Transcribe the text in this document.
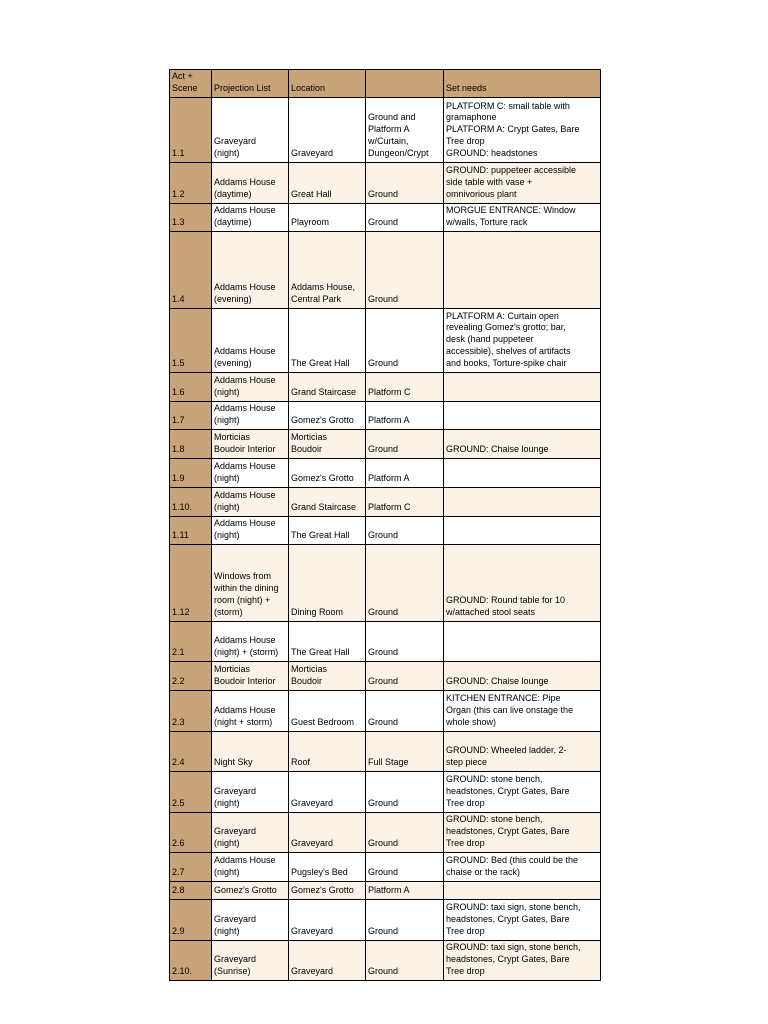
Act +
Scene	Projection List	Location		Set needs
1.1	Graveyard
(night)	Graveyard	Ground and
Platform A
w/Curtain,
Dungeon/Crypt	PLATFORM C: small table with
gramaphone
PLATFORM A: Crypt Gates, Bare
Tree drop
GROUND: headstones
1.2	Addams House
(daytime)	Great Hall	Ground	GROUND: puppeteer accessible
side table with vase +
omnivorious plant
1.3	Addams House
(daytime)	Playroom	Ground	MORGUE ENTRANCE: Window
w/walls, Torture rack
1.4	Addams House
(evening)	Addams House,
Central Park	Ground	
1.5	Addams House
(evening)	The Great Hall	Ground	PLATFORM A: Curtain open
revealing Gomez's grotto; bar,
desk (hand puppeteer
accessible), shelves of artifacts
and books, Torture-spike chair
1.6	Addams House
(night)	Grand Staircase	Platform C	
1.7	Addams House
(night)	Gomez's Grotto	Platform A	
1.8	Morticias
Boudoir Interior	Morticias
Boudoir	Ground	GROUND: Chaise lounge
1.9	Addams House
(night)	Gomez's Grotto	Platform A	
1.10.	Addams House
(night)	Grand Staircase	Platform C	
1.11	Addams House
(night)	The Great Hall	Ground	
1.12	Windows from
within the dining
room (night) +
(storm)	Dining Room	Ground	GROUND: Round table for 10
w/attached stool seats
2.1	Addams House
(night) + (storm)	The Great Hall	Ground	
2.2	Morticias
Boudoir Interior	Morticias
Boudoir	Ground	GROUND: Chaise lounge
2.3	Addams House
(night + storm)	Guest Bedroom	Ground	KITCHEN ENTRANCE: Pipe
Organ (this can live onstage the
whole show)
2.4	Night Sky	Roof	Full Stage	GROUND: Wheeled ladder, 2-
step piece
2.5	Graveyard
(night)	Graveyard	Ground	GROUND: stone bench,
headstones, Crypt Gates, Bare
Tree drop
2.6	Graveyard
(night)	Graveyard	Ground	GROUND: stone bench,
headstones, Crypt Gates, Bare
Tree drop
2.7	Addams House
(night)	Pugsley's Bed	Ground	GROUND: Bed (this could be the
chaise or the rack)
2.8	Gomez's Grotto	Gomez's Grotto	Platform A	
2.9	Graveyard
(night)	Graveyard	Ground	GROUND: taxi sign, stone bench,
headstones, Crypt Gates, Bare
Tree drop
2.10.	Graveyard
(Sunrise)	Graveyard	Ground	GROUND: taxi sign, stone bench,
headstones, Crypt Gates, Bare
Tree drop
